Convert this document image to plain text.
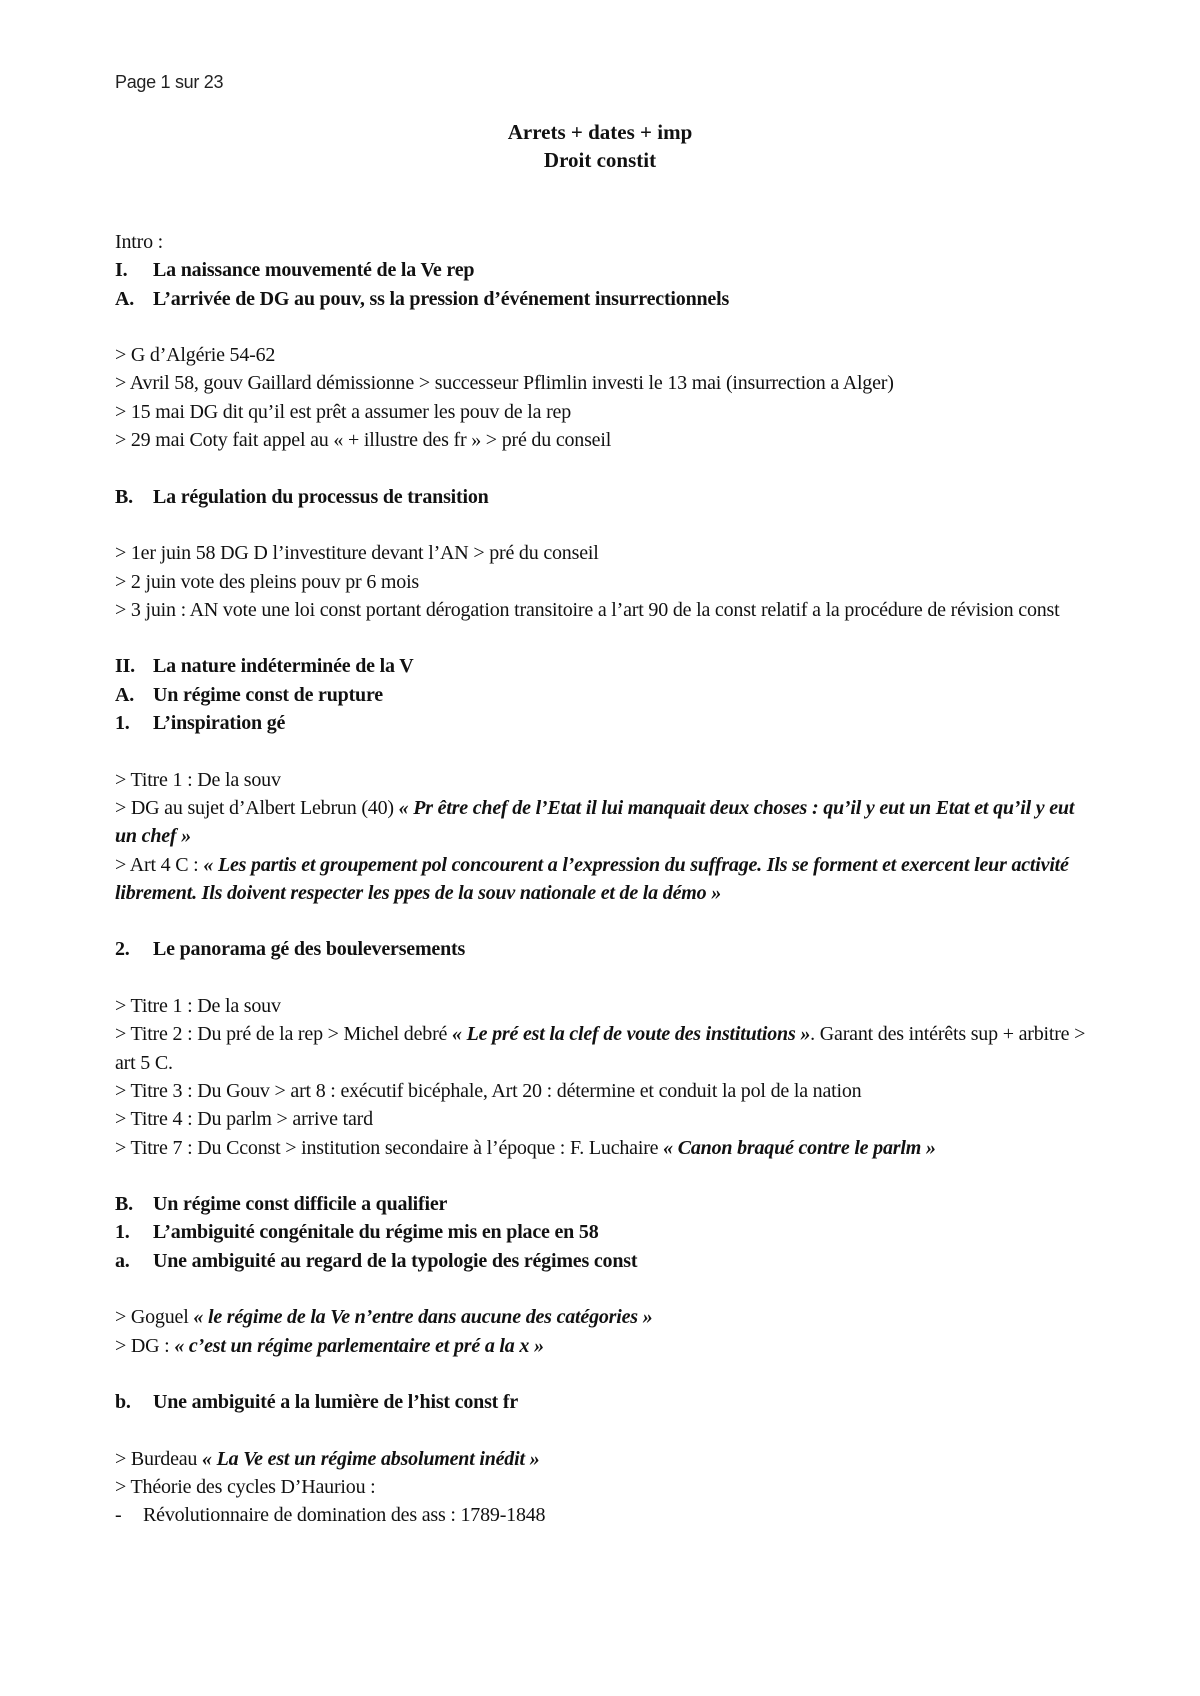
Page 1 sur 23
Arrets + dates + imp
Droit constit
Intro :
I. La naissance mouvementé de la Ve rep
A. L’arrivée de DG au pouv, ss la pression d’événement insurrectionnels
> G d’Algérie 54-62
> Avril 58, gouv Gaillard démissionne > successeur Pflimlin investi le 13 mai (insurrection a Alger)
> 15 mai DG dit qu’il est prêt a assumer les pouv de la rep
> 29 mai Coty fait appel au « + illustre des fr » > pré du conseil
B. La régulation du processus de transition
> 1er juin 58 DG D l’investiture devant l’AN > pré du conseil
> 2 juin vote des pleins pouv pr 6 mois
> 3 juin : AN vote une loi const portant dérogation transitoire a l’art 90 de la const relatif a la procédure de révision const
II. La nature indéterminée de la V
A. Un régime const de rupture
1. L’inspiration gé
> Titre 1 : De la souv
> DG au sujet d’Albert Lebrun (40) « Pr être chef de l’Etat il lui manquait deux choses : qu’il y eut un Etat et qu’il y eut un chef »
> Art 4 C : « Les partis et groupement pol concourent a l’expression du suffrage. Ils se forment et exercent leur activité librement. Ils doivent respecter les ppes de la souv nationale et de la démo »
2. Le panorama gé des bouleversements
> Titre 1 : De la souv
> Titre 2 : Du pré de la rep > Michel debré « Le pré est la clef de voute des institutions ». Garant des intérêts sup + arbitre > art 5 C.
> Titre 3 : Du Gouv > art 8 : exécutif bicéphale, Art 20 : détermine et conduit la pol de la nation
> Titre 4 : Du parlm > arrive tard
> Titre 7 : Du Cconst > institution secondaire à l’époque : F. Luchaire « Canon braqué contre le parlm »
B. Un régime const difficile a qualifier
1. L’ambiguité congénitale du régime mis en place en 58
a. Une ambiguité au regard de la typologie des régimes const
> Goguel « le régime de la Ve n’entre dans aucune des catégories »
> DG : « c’est un régime parlementaire et pré a la x »
b. Une ambiguité a la lumière de l’hist const fr
> Burdeau « La Ve est un régime absolument inédit »
> Théorie des cycles D’Hauriou :
- Révolutionnaire de domination des ass : 1789-1848
